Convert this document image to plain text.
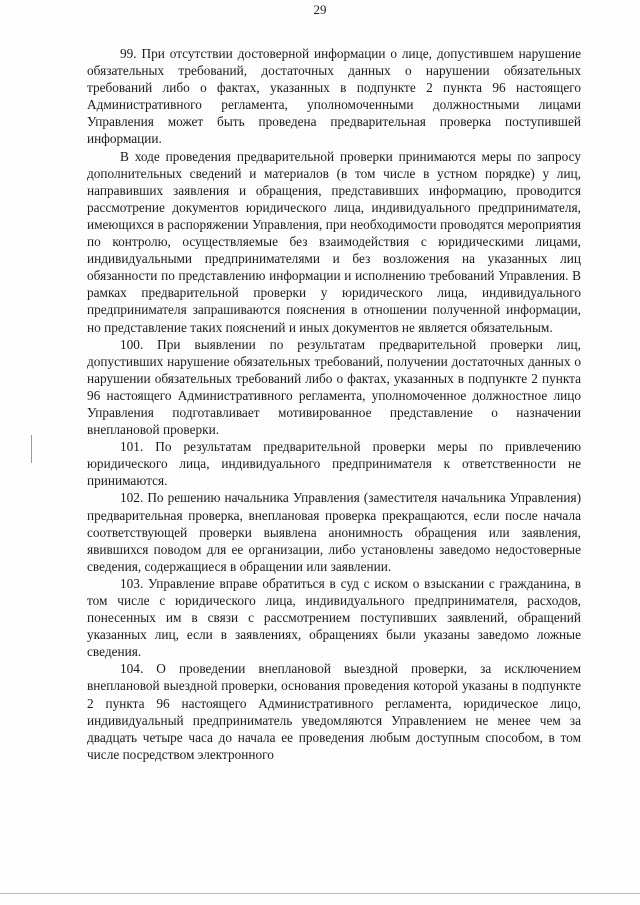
29

99. При отсутствии достоверной информации о лице, допустившем нарушение обязательных требований, достаточных данных о нарушении обязательных требований либо о фактах, указанных в подпункте 2 пункта 96 настоящего Административного регламента, уполномоченными должностными лицами Управления может быть проведена предварительная проверка поступившей информации.

В ходе проведения предварительной проверки принимаются меры по запросу дополнительных сведений и материалов (в том числе в устном порядке) у лиц, направивших заявления и обращения, представивших информацию, проводится рассмотрение документов юридического лица, индивидуального предпринимателя, имеющихся в распоряжении Управления, при необходимости проводятся мероприятия по контролю, осуществляемые без взаимодействия с юридическими лицами, индивидуальными предпринимателями и без возложения на указанных лиц обязанности по представлению информации и исполнению требований Управления. В рамках предварительной проверки у юридического лица, индивидуального предпринимателя запрашиваются пояснения в отношении полученной информации, но представление таких пояснений и иных документов не является обязательным.

100. При выявлении по результатам предварительной проверки лиц, допустивших нарушение обязательных требований, получении достаточных данных о нарушении обязательных требований либо о фактах, указанных в подпункте 2 пункта 96 настоящего Административного регламента, уполномоченное должностное лицо Управления подготавливает мотивированное представление о назначении внеплановой проверки.

101. По результатам предварительной проверки меры по привлечению юридического лица, индивидуального предпринимателя к ответственности не принимаются.

102. По решению начальника Управления (заместителя начальника Управления) предварительная проверка, внеплановая проверка прекращаются, если после начала соответствующей проверки выявлена анонимность обращения или заявления, явившихся поводом для ее организации, либо установлены заведомо недостоверные сведения, содержащиеся в обращении или заявлении.

103. Управление вправе обратиться в суд с иском о взыскании с гражданина, в том числе с юридического лица, индивидуального предпринимателя, расходов, понесенных им в связи с рассмотрением поступивших заявлений, обращений указанных лиц, если в заявлениях, обращениях были указаны заведомо ложные сведения.

104. О проведении внеплановой выездной проверки, за исключением внеплановой выездной проверки, основания проведения которой указаны в подпункте 2 пункта 96 настоящего Административного регламента, юридическое лицо, индивидуальный предприниматель уведомляются Управлением не менее чем за двадцать четыре часа до начала ее проведения любым доступным способом, в том числе посредством электронного
